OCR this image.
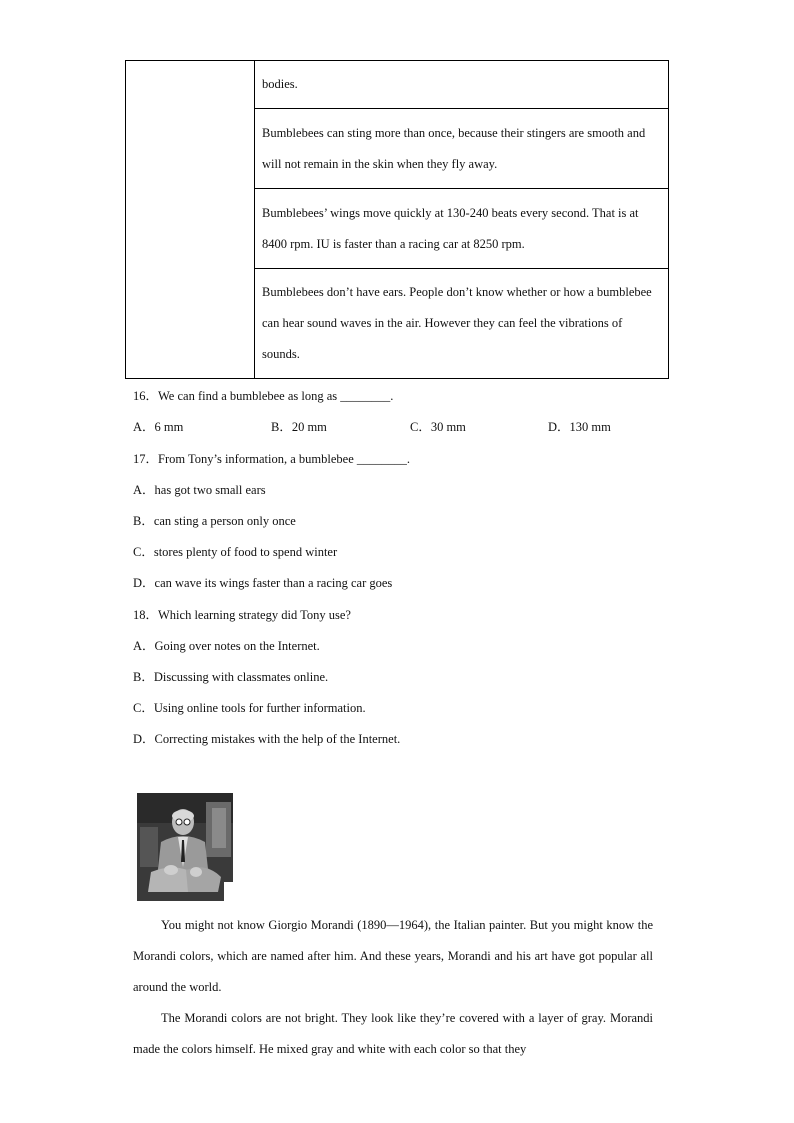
	bodies.
Bumblebees can sting more than once, because their stingers are smooth and will not remain in the skin when they fly away.
Bumblebees’ wings move quickly at 130-240 beats every second. That is at 8400 rpm. IU is faster than a racing car at 8250 rpm.
Bumblebees don’t have ears. People don’t know whether or how a bumblebee can hear sound waves in the air. However they can feel the vibrations of sounds.
16．We can find a bumblebee as long as ________.
A．6 mm	B．20 mm	C．30 mm	D．130 mm
17．From Tony’s information, a bumblebee ________.
A．has got two small ears
B．can sting a person only once
C．stores plenty of food to spend winter
D．can wave its wings faster than a racing car goes
18．Which learning strategy did Tony use?
A．Going over notes on the Internet.
B．Discussing with classmates online.
C．Using online tools for further information.
D．Correcting mistakes with the help of the Internet.
You might not know Giorgio Morandi (1890—1964), the Italian painter. But you might know the Morandi colors, which are named after him. And these years, Morandi and his art have got popular all around the world.
The Morandi colors are not bright. They look like they’re covered with a layer of gray. Morandi made the colors himself. He mixed gray and white with each color so that they
